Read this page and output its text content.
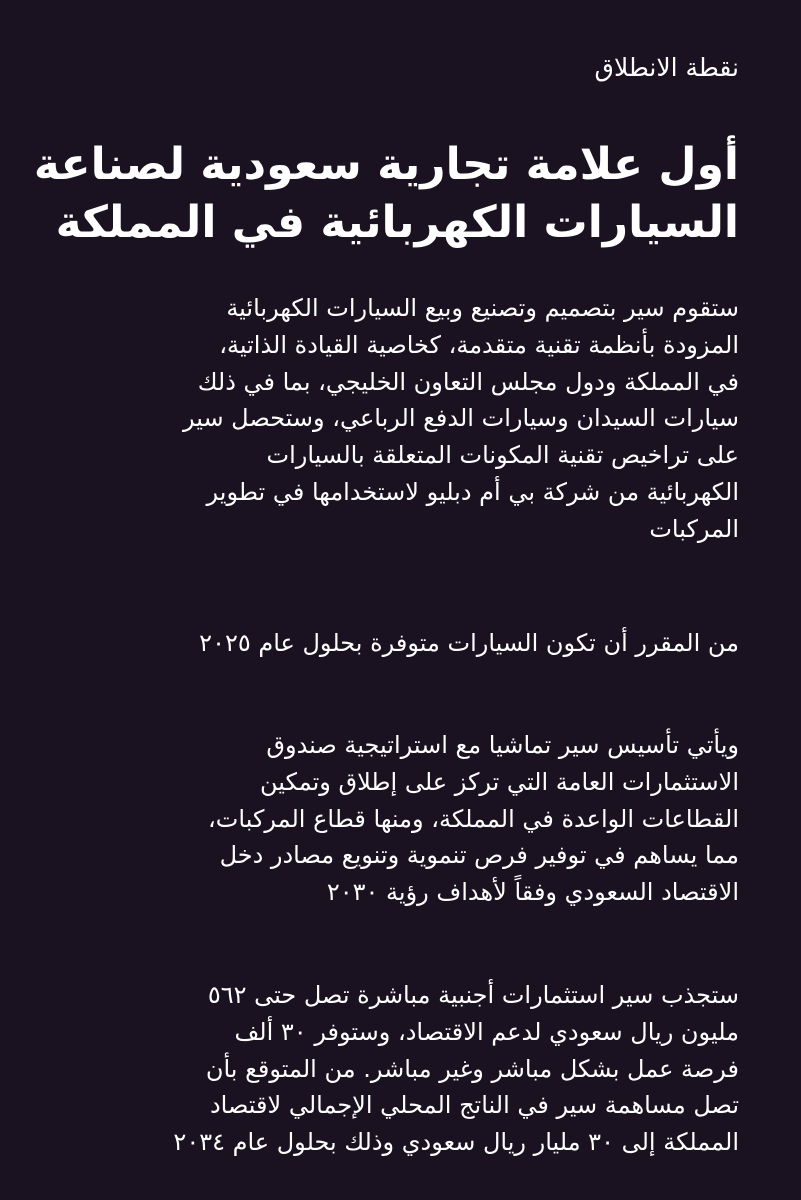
نقطة الانطلاق

أول علامة تجارية سعودية لصناعة
السيارات الكهربائية في المملكة

ستقوم سير بتصميم وتصنيع وبيع السيارات الكهربائية
المزودة بأنظمة تقنية متقدمة، كخاصية القيادة الذاتية،
في المملكة ودول مجلس التعاون الخليجي، بما في ذلك
سيارات السيدان وسيارات الدفع الرباعي، وستحصل سير
على تراخيص تقنية المكونات المتعلقة بالسيارات
الكهربائية من شركة بي أم دبليو لاستخدامها في تطوير
المركبات

من المقرر أن تكون السيارات متوفرة بحلول عام ٢٠٢٥

ويأتي تأسيس سير تماشيا مع استراتيجية صندوق
الاستثمارات العامة التي تركز على إطلاق وتمكين
القطاعات الواعدة في المملكة، ومنها قطاع المركبات،
مما يساهم في توفير فرص تنموية وتنويع مصادر دخل
الاقتصاد السعودي وفقاً لأهداف رؤية ٢٠٣٠

ستجذب سير استثمارات أجنبية مباشرة تصل حتى ٥٦٢
مليون ريال سعودي لدعم الاقتصاد، وستوفر ٣٠ ألف
فرصة عمل بشكل مباشر وغير مباشر. من المتوقع بأن
تصل مساهمة سير في الناتج المحلي الإجمالي لاقتصاد
المملكة إلى ٣٠ مليار ريال سعودي وذلك بحلول عام ٢٠٣٤
